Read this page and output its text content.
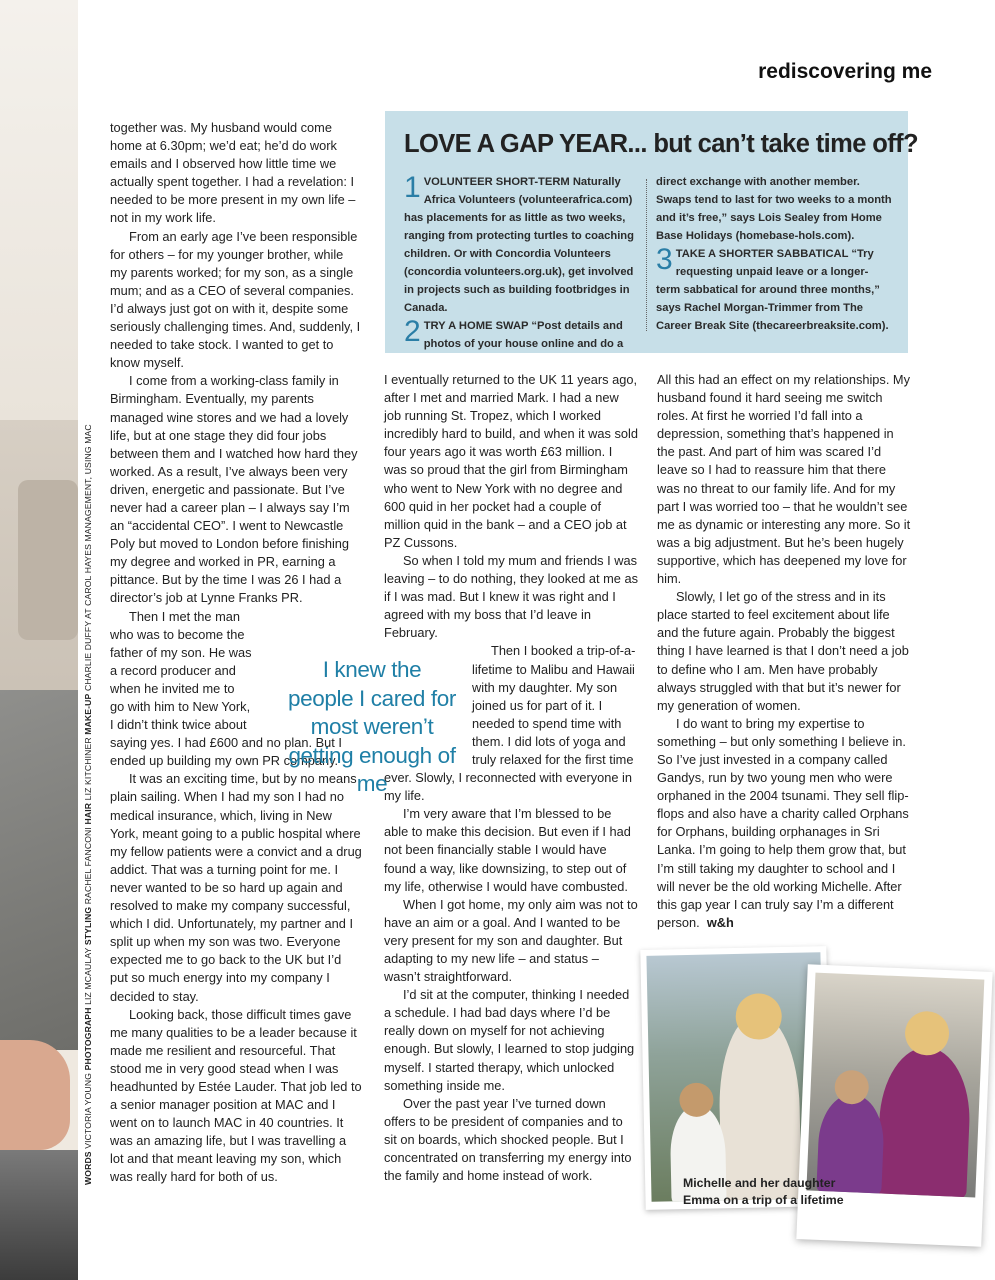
WORDS VICTORIA YOUNG PHOTOGRAPH LIZ MCAULAY STYLING RACHEL FANCONI HAIR LIZ KITCHINER MAKE-UP CHARLIE DUFFY AT CAROL HAYES MANAGEMENT, USING MAC
rediscovering me

together was. My husband would come home at 6.30pm; we’d eat; he’d do work emails and I observed how little time we actually spent together. I had a revelation: I needed to be more present in my own life – not in my work life.

From an early age I’ve been responsible for others – for my younger brother, while my parents worked; for my son, as a single mum; and as a CEO of several companies. I’d always just got on with it, despite some seriously challenging times. And, suddenly, I needed to take stock. I wanted to get to know myself.

I come from a working-class family in Birmingham. Eventually, my parents managed wine stores and we had a lovely life, but at one stage they did four jobs between them and I watched how hard they worked. As a result, I’ve always been very driven, energetic and passionate. But I’ve never had a career plan – I always say I’m an “accidental CEO”. I went to Newcastle Poly but moved to London before finishing my degree and worked in PR, earning a pittance. But by the time I was 26 I had a director’s job at Lynne Franks PR.

Then I met the man who was to become the father of my son. He was a record producer and when he invited me to go with him to New York, I didn’t think twice about saying yes. I had £600 and no plan. But I ended up building my own PR company.

It was an exciting time, but by no means plain sailing. When I had my son I had no medical insurance, which, living in New York, meant going to a public hospital where my fellow patients were a convict and a drug addict. That was a turning point for me. I never wanted to be so hard up again and resolved to make my company successful, which I did. Unfortunately, my partner and I split up when my son was two. Everyone expected me to go back to the UK but I’d put so much energy into my company I decided to stay.

Looking back, those difficult times gave me many qualities to be a leader because it made me resilient and resourceful. That stood me in very good stead when I was headhunted by Estée Lauder. That job led to a senior manager position at MAC and I went on to launch MAC in 40 countries. It was an amazing life, but I was travelling a lot and that meant leaving my son, which was really hard for both of us.

LOVE A GAP YEAR... but can’t take time off?
1 VOLUNTEER SHORT-TERM Naturally Africa Volunteers (volunteerafrica.com) has placements for as little as two weeks, ranging from protecting turtles to coaching children. Or with Concordia Volunteers (concordia volunteers.org.uk), get involved in projects such as building footbridges in Canada.
2 TRY A HOME SWAP “Post details and photos of your house online and do a
direct exchange with another member. Swaps tend to last for two weeks to a month and it’s free,” says Lois Sealey from Home Base Holidays (homebase-hols.com).
3 TAKE A SHORTER SABBATICAL “Try requesting unpaid leave or a longer-term sabbatical for around three months,” says Rachel Morgan-Trimmer from The Career Break Site (thecareerbreaksite.com).

I eventually returned to the UK 11 years ago, after I met and married Mark. I had a new job running St. Tropez, which I worked incredibly hard to build, and when it was sold four years ago it was worth £63 million. I was so proud that the girl from Birmingham who went to New York with no degree and 600 quid in her pocket had a couple of million quid in the bank – and a CEO job at PZ Cussons.

So when I told my mum and friends I was leaving – to do nothing, they looked at me as if I was mad. But I knew it was right and I agreed with my boss that I’d leave in February.

Then I booked a trip-of-a-lifetime to Malibu and Hawaii with my daughter. My son joined us for part of it. I needed to spend time with them. I did lots of yoga and truly relaxed for the first time ever. Slowly, I reconnected with everyone in my life.

I’m very aware that I’m blessed to be able to make this decision. But even if I had not been financially stable I would have found a way, like downsizing, to step out of my life, otherwise I would have combusted.

When I got home, my only aim was not to have an aim or a goal. And I wanted to be very present for my son and daughter. But adapting to my new life – and status – wasn’t straightforward.

I’d sit at the computer, thinking I needed a schedule. I had bad days where I’d be really down on myself for not achieving enough. But slowly, I learned to stop judging myself. I started therapy, which unlocked something inside me.

Over the past year I’ve turned down offers to be president of companies and to sit on boards, which shocked people. But I concentrated on transferring my energy into the family and home instead of work.

I knew the people I cared for most weren’t getting enough of me

All this had an effect on my relationships. My husband found it hard seeing me switch roles. At first he worried I’d fall into a depression, something that’s happened in the past. And part of him was scared I’d leave so I had to reassure him that there was no threat to our family life. And for my part I was worried too – that he wouldn’t see me as dynamic or interesting any more. So it was a big adjustment. But he’s been hugely supportive, which has deepened my love for him.

Slowly, I let go of the stress and in its place started to feel excitement about life and the future again. Probably the biggest thing I have learned is that I don’t need a job to define who I am. Men have probably always struggled with that but it’s newer for my generation of women.

I do want to bring my expertise to something – but only something I believe in. So I’ve just invested in a company called Gandys, run by two young men who were orphaned in the 2004 tsunami. They sell flip-flops and also have a charity called Orphans for Orphans, building orphanages in Sri Lanka. I’m going to help them grow that, but I’m still taking my daughter to school and I will never be the old working Michelle. After this gap year I can truly say I’m a different person. w&h

Michelle and her daughter Emma on a trip of a lifetime
